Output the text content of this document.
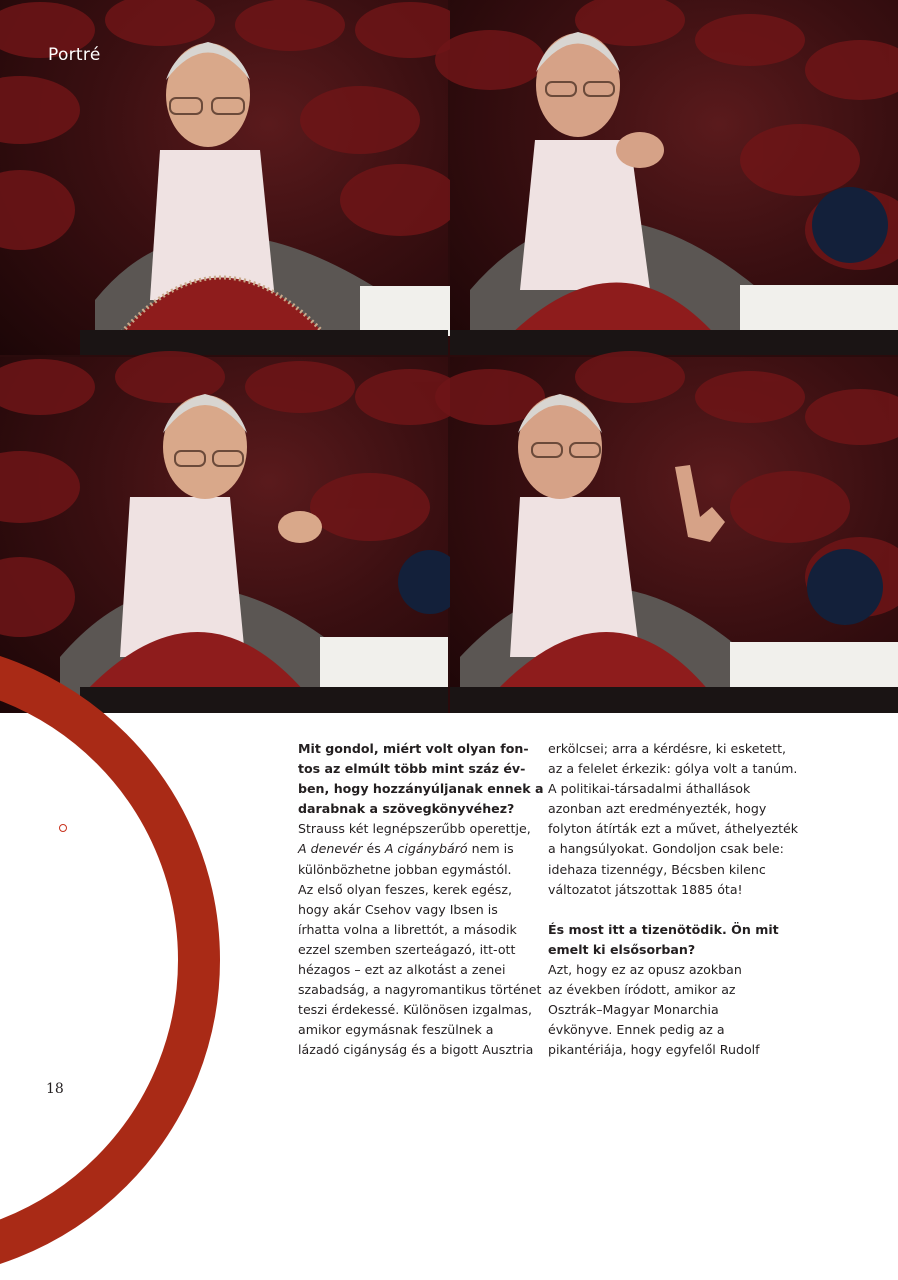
Portré
Fotó: Emmer László	Mit gondol, miért volt olyan fon-
tos az elmúlt több mint száz év-
ben, hogy hozzányúljanak ennek a
darabnak a szövegkönyvéhez?

Strauss két legnépszerűbb operettje,
A denevér és A cigánybáró nem is
különbözhetne jobban egymástól.
Az első olyan feszes, kerek egész,
hogy akár Csehov vagy Ibsen is
írhatta volna a librettót, a második
ezzel szemben szerteágazó, itt-ott
hézagos – ezt az alkotást a zenei
szabadság, a nagyromantikus történet
teszi érdekessé. Különösen izgalmas,
amikor egymásnak feszülnek a
lázadó cigányság és a bigott Ausztria

erkölcsei; arra a kérdésre, ki esketett,
az a felelet érkezik: gólya volt a tanúm.
A politikai-társadalmi áthallások
azonban azt eredményezték, hogy
folyton átírták ezt a művet, áthelyezték
a hangsúlyokat. Gondoljon csak bele:
idehaza tizennégy, Bécsben kilenc
változatot játszottak 1885 óta!

És most itt a tizenötödik. Ön mit
emelt ki elsősorban?

Azt, hogy ez az opusz azokban
az években íródott, amikor az
Osztrák–Magyar Monarchia
évkönyve. Ennek pedig az a
pikantériája, hogy egyfelől Rudolf

18
